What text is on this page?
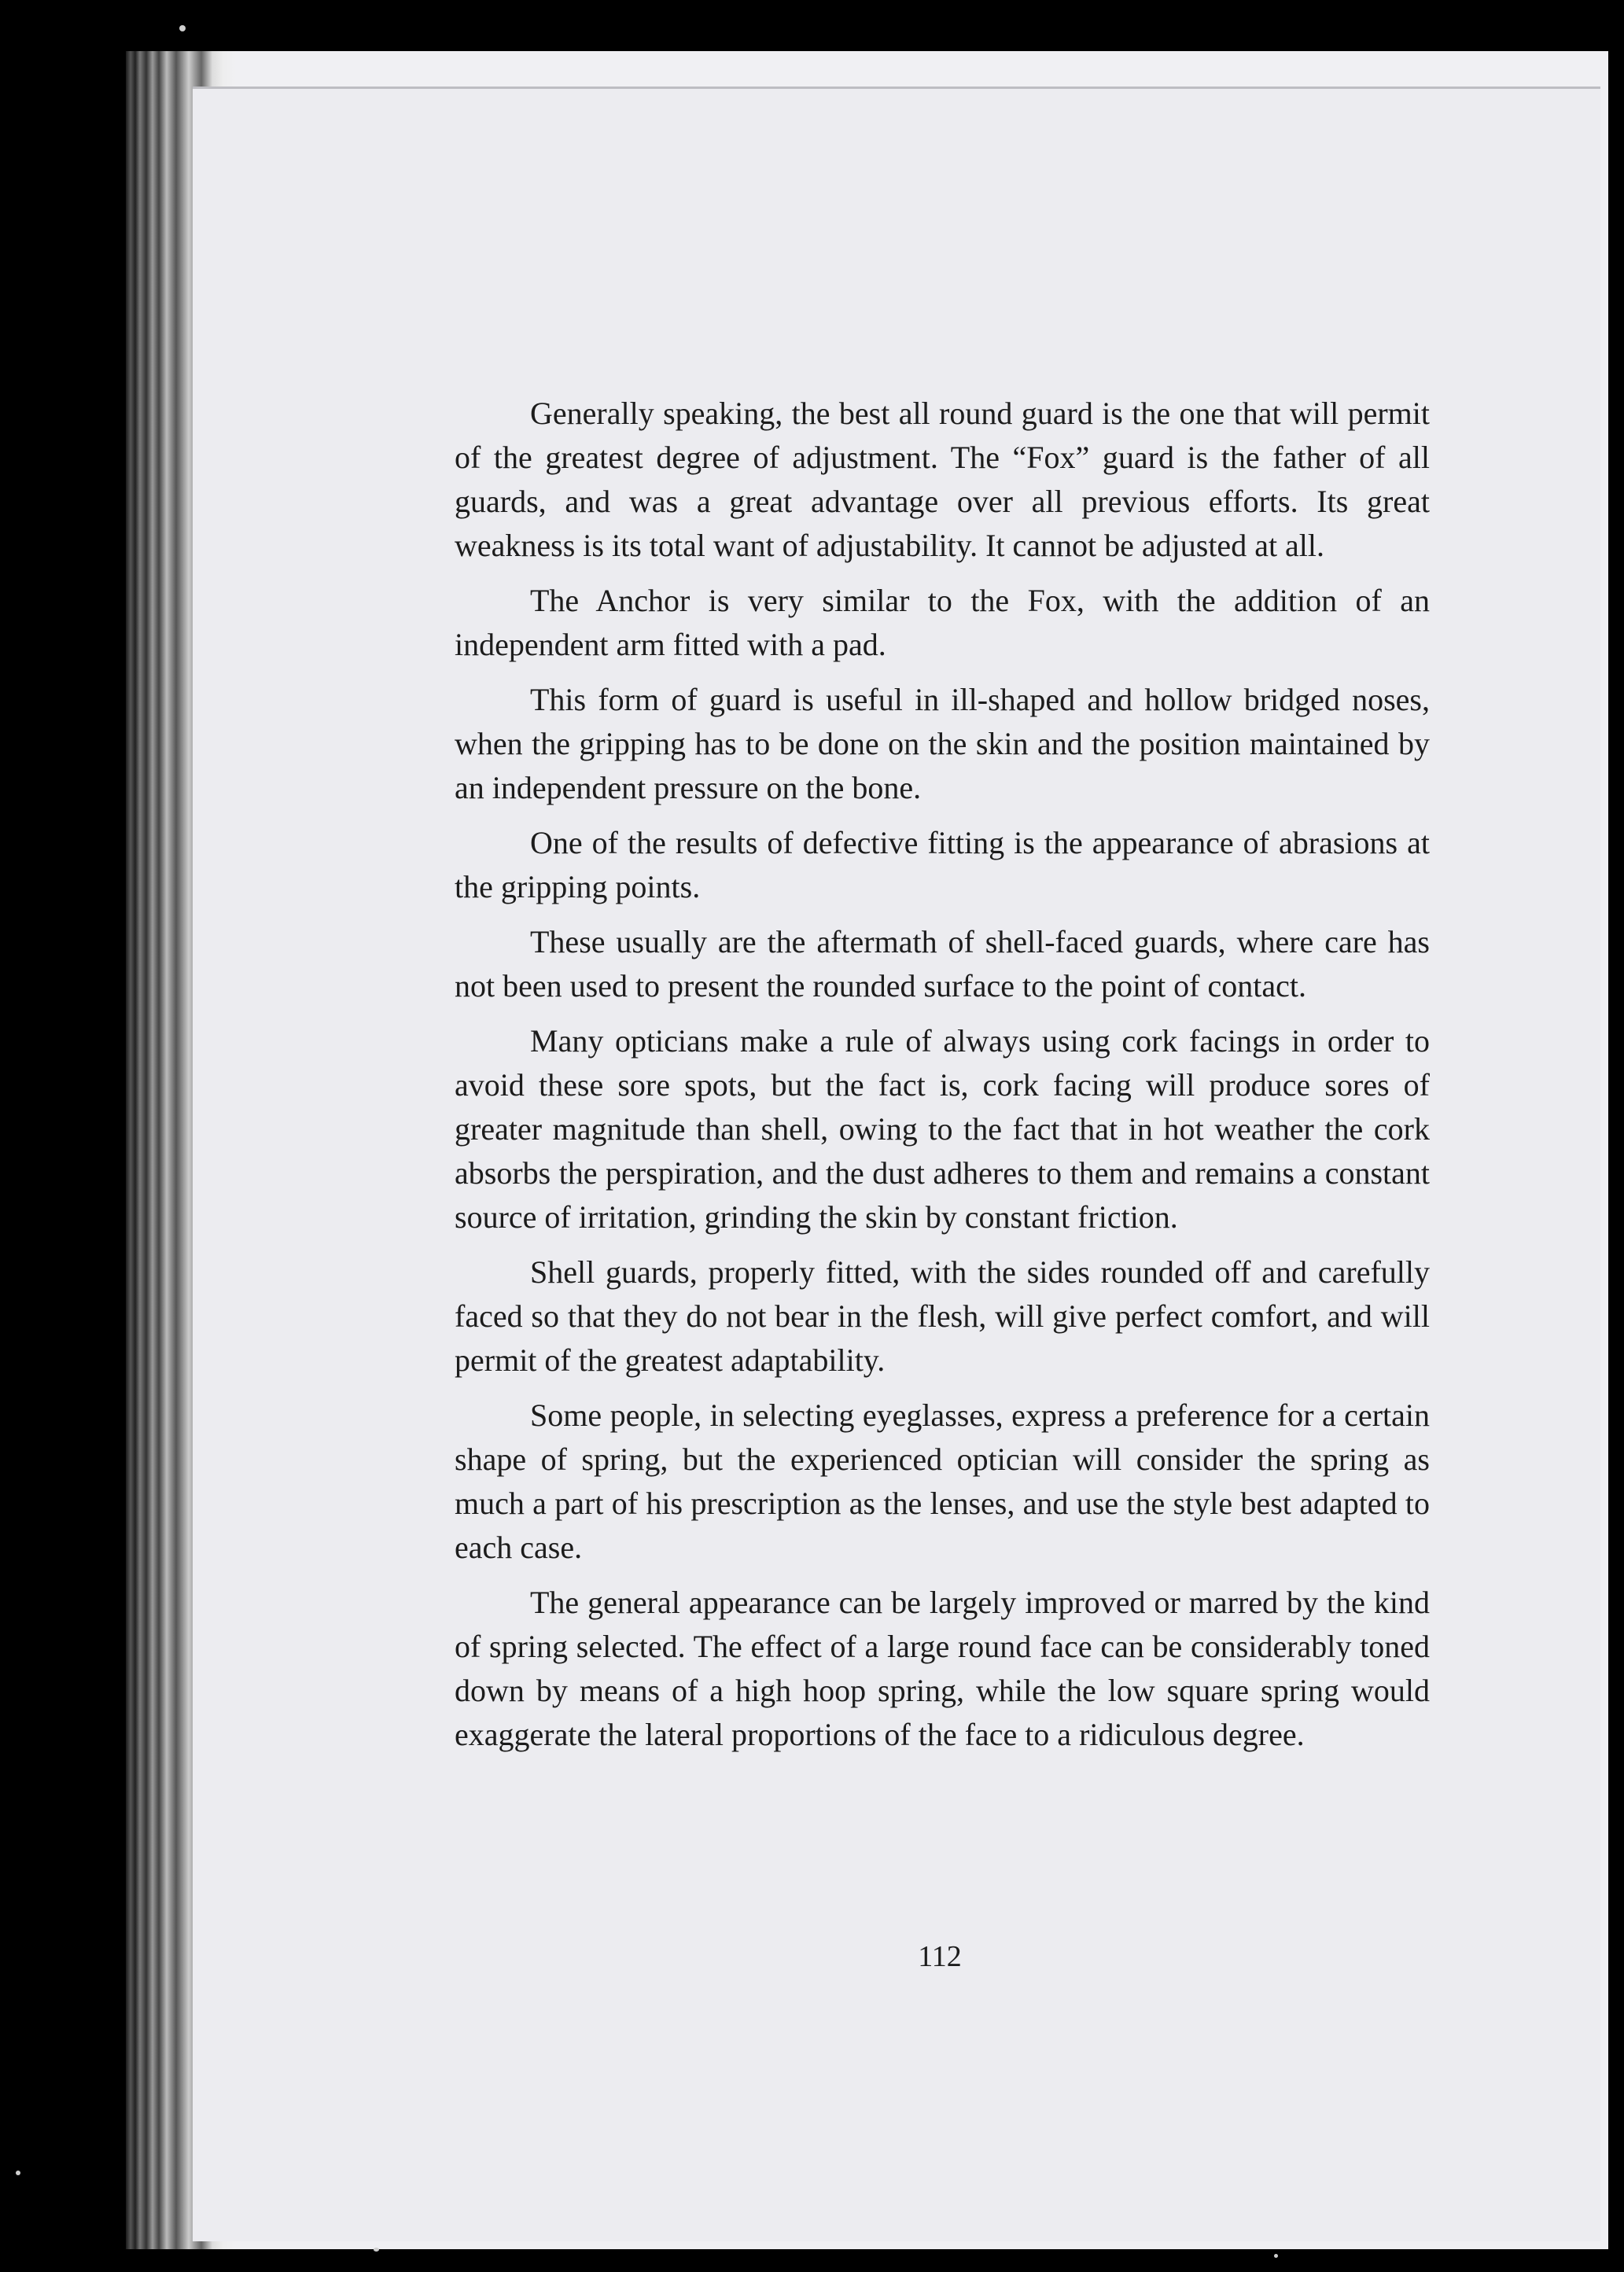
Generally speaking, the best all round guard is the one that will permit of the greatest degree of adjustment. The “Fox” guard is the father of all guards, and was a great advantage over all previous efforts. Its great weakness is its total want of adjustability. It cannot be adjusted at all.

The Anchor is very similar to the Fox, with the addition of an independent arm fitted with a pad.

This form of guard is useful in ill-shaped and hollow bridged noses, when the gripping has to be done on the skin and the position maintained by an independent pressure on the bone.

One of the results of defective fitting is the appearance of abrasions at the gripping points.

These usually are the aftermath of shell-faced guards, where care has not been used to present the rounded surface to the point of contact.

Many opticians make a rule of always using cork facings in order to avoid these sore spots, but the fact is, cork facing will produce sores of greater magnitude than shell, owing to the fact that in hot weather the cork absorbs the perspiration, and the dust adheres to them and remains a constant source of irritation, grinding the skin by constant friction.

Shell guards, properly fitted, with the sides rounded off and carefully faced so that they do not bear in the flesh, will give perfect comfort, and will permit of the greatest adaptability.

Some people, in selecting eyeglasses, express a preference for a certain shape of spring, but the experienced optician will consider the spring as much a part of his prescription as the lenses, and use the style best adapted to each case.

The general appearance can be largely improved or marred by the kind of spring selected. The effect of a large round face can be considerably toned down by means of a high hoop spring, while the low square spring would exaggerate the lateral proportions of the face to a ridiculous degree.

112
